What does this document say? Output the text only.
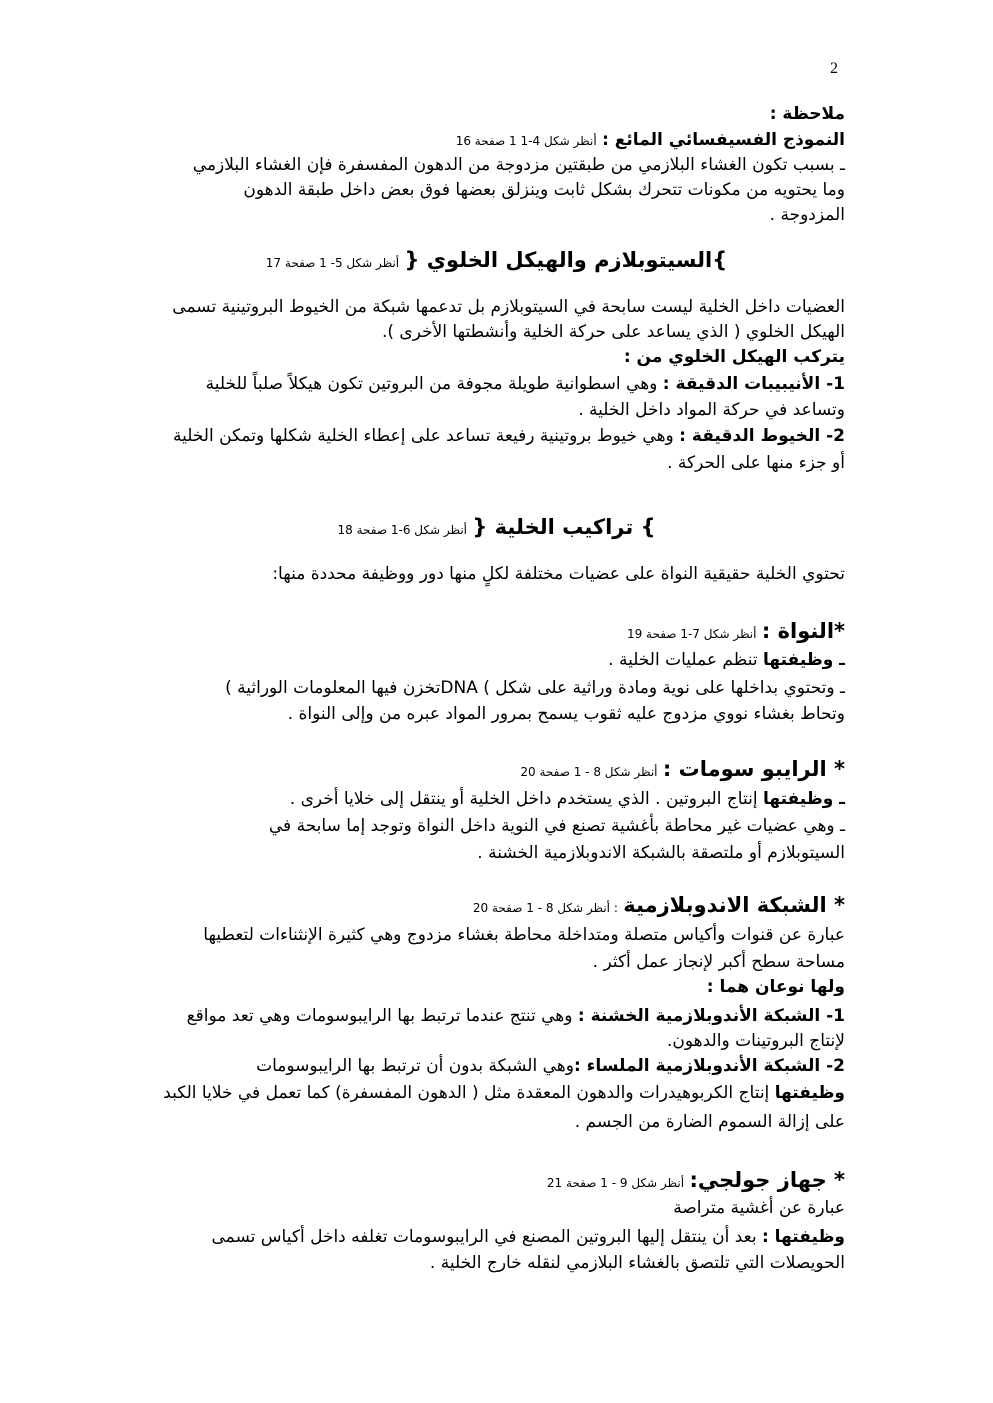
2
ملاحظة :
النموذج الفسيفسائي المائع : أنظر شكل 4-1 1 صفحة 16
ـ بسبب تكون الغشاء البلازمي من طبقتين مزدوجة من الدهون المفسفرة فإن الغشاء البلازمي
وما يحتويه من مكونات تتحرك بشكل ثابت وينزلق بعضها فوق بعض داخل طبقة الدهون
المزدوجة .
}السيتوبلازم والهيكل الخلوي { أنظر شكل 5- 1 صفحة 17
العضيات داخل الخلية ليست سابحة في السيتوبلازم بل تدعمها شبكة من الخيوط البروتينية تسمى
الهيكل الخلوي ( الذي يساعد على حركة الخلية وأنشطتها الأخرى ).
يتركب الهيكل الخلوي من :
1- الأنيبيبات الدقيقة : وهي اسطوانية طويلة مجوفة من البروتين تكون هيكلاً صلباً للخلية
وتساعد في حركة المواد داخل الخلية .
2- الخيوط الدقيقة : وهي خيوط بروتينية رفيعة تساعد على إعطاء الخلية شكلها وتمكن الخلية
أو جزء منها على الحركة .
} تراكيب الخلية { أنظر شكل 6-1 صفحة 18
تحتوي الخلية حقيقية النواة على عضيات مختلفة لكلٍ منها دور ووظيفة محددة منها:
*النواة : أنظر شكل 7-1 صفحة 19
ـ وظيفتها تنظم عمليات الخلية .
ـ وتحتوي بداخلها على نوية ومادة وراثية على شكل ) DNAتخزن فيها المعلومات الوراثية )
وتحاط بغشاء نووي مزدوج عليه ثقوب يسمح بمرور المواد عبره من وإلى النواة .
* الرايبو سومات : أنظر شكل 8 - 1 صفحة 20
ـ وظيفتها إنتاج البروتين . الذي يستخدم داخل الخلية أو ينتقل إلى خلايا أخرى .
ـ وهي عضيات غير محاطة بأغشية تصنع في النوية داخل النواة وتوجد إما سابحة في
السيتوبلازم أو ملتصقة بالشبكة الاندوبلازمية الخشنة .
* الشبكة الاندوبلازمية : أنظر شكل 8 - 1 صفحة 20
عبارة عن قنوات وأكياس متصلة ومتداخلة محاطة بغشاء مزدوج وهي كثيرة الإنثناءات لتعطيها
مساحة سطح أكبر لإنجاز عمل أكثر .
ولها نوعان هما :
1- الشبكة الأندوبلازمية الخشنة : وهي تنتج عندما ترتبط بها الرايبوسومات وهي تعد مواقع
لإنتاج البروتينات والدهون.
2- الشبكة الأندوبلازمية الملساء :وهي الشبكة بدون أن ترتبط بها الرايبوسومات
وظيفتها إنتاج الكربوهيدرات والدهون المعقدة مثل ( الدهون المفسفرة) كما تعمل في خلايا الكبد
على إزالة السموم الضارة من الجسم .
* جهاز جولجي: أنظر شكل 9 - 1 صفحة 21
عبارة عن أغشية متراصة
وظيفتها : بعد أن ينتقل إليها البروتين المصنع في الرايبوسومات تغلفه داخل أكياس تسمى
الحويصلات التي تلتصق بالغشاء البلازمي لنقله خارج الخلية .
